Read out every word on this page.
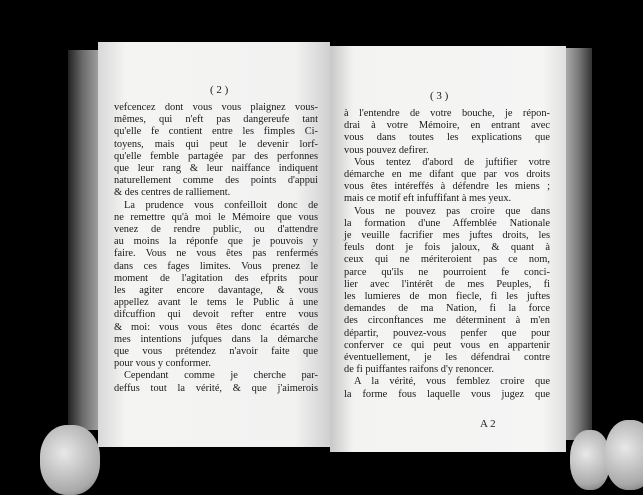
( 2 )
vefcencez dont vous vous plaignez vous-
mêmes, qui n'eft pas dangereufe tant
qu'elle fe contient entre les fimples Ci-
toyens, mais qui peut le devenir lorf-
qu'elle femble partagée par des perfonnes
que leur rang & leur naiffance indiquent
naturellement comme des points d'appui
& des centres de ralliement.
La prudence vous confeilloit donc de
ne remettre qu'à moi le Mémoire que vous
venez de rendre public, ou d'attendre
au moins la réponfe que je pouvois y
faire. Vous ne vous êtes pas renfermés
dans ces fages limites. Vous prenez le
moment de l'agitation des efprits pour
les agiter encore davantage, & vous
appellez avant le tems le Public à une
difcuffion qui devoit refter entre vous
& moi: vous vous êtes donc écartés de
mes intentions jufques dans la démarche
que vous prétendez n'avoir faite que
pour vous y conformer.
Cependant comme je cherche par-
deffus tout la vérité, & que j'aimerois
( 3 )
à l'entendre de votre bouche, je répon-
drai à votre Mémoire, en entrant avec
vous dans toutes les explications que
vous pouvez defirer.
Vous tentez d'abord de juftifier votre
démarche en me difant que par vos droits
vous êtes intéreffés à défendre les miens ;
mais ce motif eft infuffifant à mes yeux.
Vous ne pouvez pas croire que dans
la formation d'une Affemblée Nationale
je veuille facrifier mes juftes droits, les
feuls dont je fois jaloux, & quant à
ceux qui ne mériteroient pas ce nom,
parce qu'ils ne pourroient fe conci-
lier avec l'intérêt de mes Peuples, fi
les lumieres de mon fiecle, fi les juftes
demandes de ma Nation, fi la force
des circonftances me déterminent à m'en
départir, pouvez-vous penfer que pour
conferver ce qui peut vous en appartenir
éventuellement, je les défendrai contre
de fi puiffantes raifons d'y renoncer.
A la vérité, vous femblez croire que
la forme fous laquelle vous jugez que
A 2
